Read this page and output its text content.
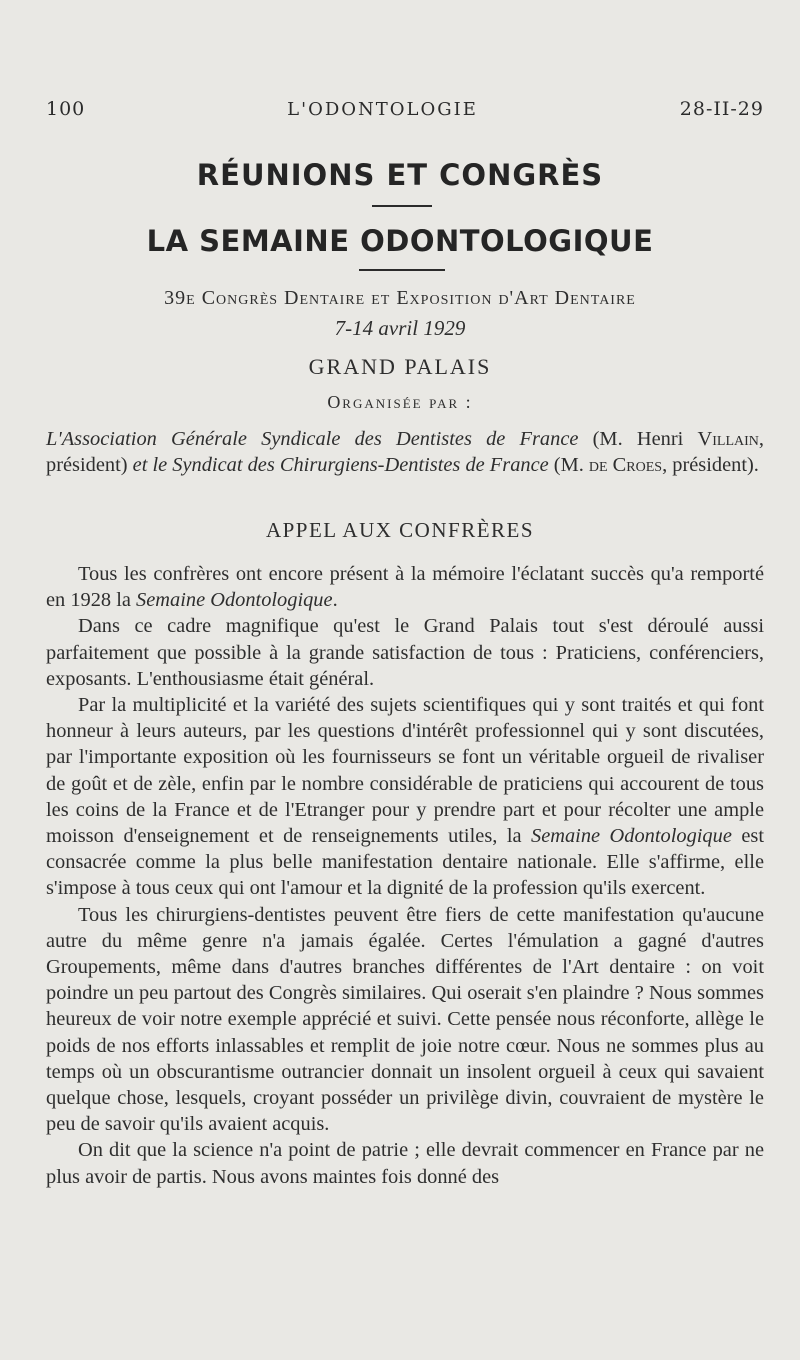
100	L'ODONTOLOGIE	28-II-29
RÉUNIONS ET CONGRÈS
LA SEMAINE ODONTOLOGIQUE
39e Congrès Dentaire et Exposition d'Art Dentaire
7-14 avril 1929
GRAND PALAIS
Organisée par :
L'Association Générale Syndicale des Dentistes de France (M. Henri Villain, président) et le Syndicat des Chirurgiens-Dentistes de France (M. de Croes, président).
APPEL AUX CONFRÈRES

Tous les confrères ont encore présent à la mémoire l'éclatant succès qu'a remporté en 1928 la Semaine Odontologique.

Dans ce cadre magnifique qu'est le Grand Palais tout s'est déroulé aussi parfaitement que possible à la grande satisfaction de tous : Praticiens, conférenciers, exposants. L'enthousiasme était général.

Par la multiplicité et la variété des sujets scientifiques qui y sont traités et qui font honneur à leurs auteurs, par les questions d'intérêt professionnel qui y sont discutées, par l'importante exposition où les fournisseurs se font un véritable orgueil de rivaliser de goût et de zèle, enfin par le nombre considérable de praticiens qui accourent de tous les coins de la France et de l'Etranger pour y prendre part et pour récolter une ample moisson d'enseignement et de renseignements utiles, la Semaine Odontologique est consacrée comme la plus belle manifestation dentaire nationale. Elle s'affirme, elle s'impose à tous ceux qui ont l'amour et la dignité de la profession qu'ils exercent.

Tous les chirurgiens-dentistes peuvent être fiers de cette manifestation qu'aucune autre du même genre n'a jamais égalée. Certes l'émulation a gagné d'autres Groupements, même dans d'autres branches différentes de l'Art dentaire : on voit poindre un peu partout des Congrès similaires. Qui oserait s'en plaindre ? Nous sommes heureux de voir notre exemple apprécié et suivi. Cette pensée nous réconforte, allège le poids de nos efforts inlassables et remplit de joie notre cœur. Nous ne sommes plus au temps où un obscurantisme outrancier donnait un insolent orgueil à ceux qui savaient quelque chose, lesquels, croyant posséder un privilège divin, couvraient de mystère le peu de savoir qu'ils avaient acquis.

On dit que la science n'a point de patrie ; elle devrait commencer en France par ne plus avoir de partis. Nous avons maintes fois donné des
